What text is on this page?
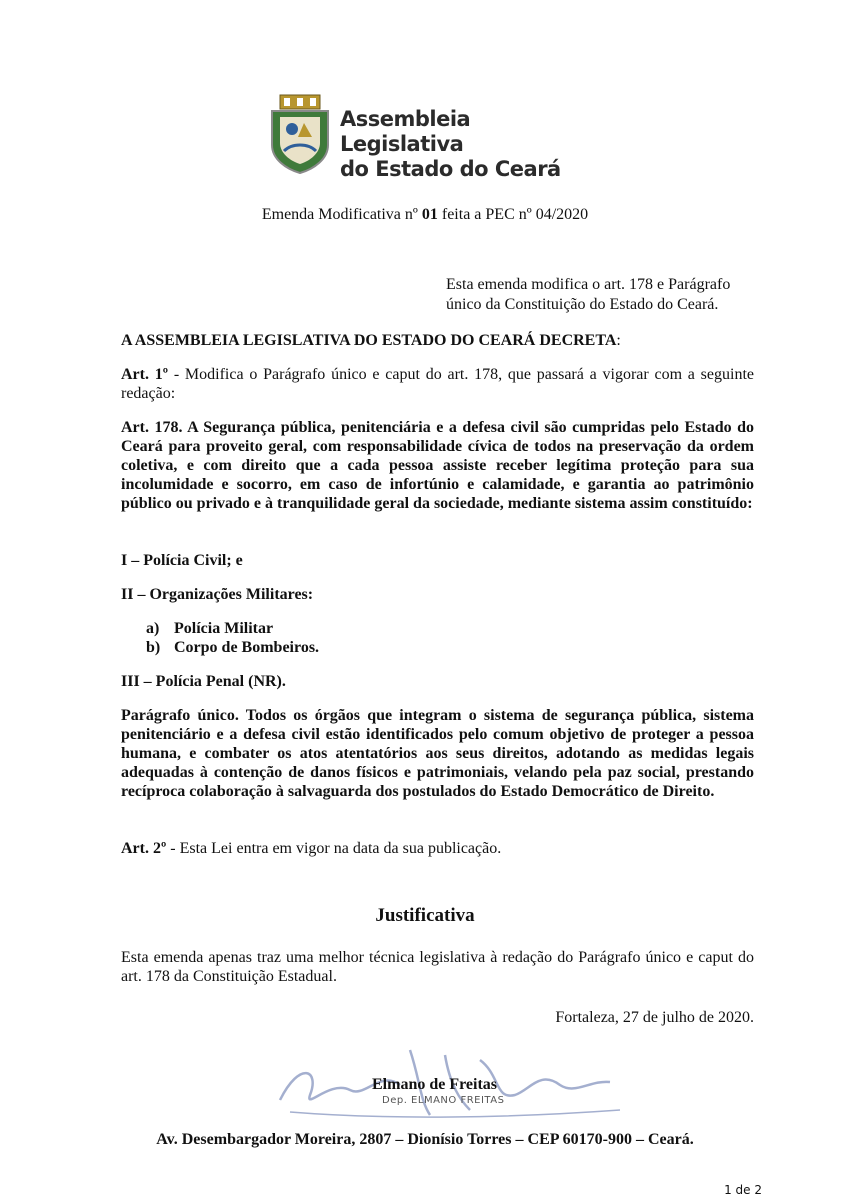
Assembleia Legislativa
do Estado do Ceará
Emenda Modificativa nº 01 feita a PEC nº 04/2020
Esta emenda modifica o art. 178 e Parágrafo
único da Constituição do Estado do Ceará.
A ASSEMBLEIA LEGISLATIVA DO ESTADO DO CEARÁ DECRETA:
Art. 1º - Modifica o Parágrafo único e caput do art. 178, que passará a vigorar com a seguinte redação:
Art. 178. A Segurança pública, penitenciária e a defesa civil são cumpridas pelo Estado do Ceará para proveito geral, com responsabilidade cívica de todos na preservação da ordem coletiva, e com direito que a cada pessoa assiste receber legítima proteção para sua incolumidade e socorro, em caso de infortúnio e calamidade, e garantia ao patrimônio público ou privado e à tranquilidade geral da sociedade, mediante sistema assim constituído:
I – Polícia Civil; e
II – Organizações Militares:
a) Polícia Militar
b) Corpo de Bombeiros.
III – Polícia Penal (NR).
Parágrafo único. Todos os órgãos que integram o sistema de segurança pública, sistema penitenciário e a defesa civil estão identificados pelo comum objetivo de proteger a pessoa humana, e combater os atos atentatórios aos seus direitos, adotando as medidas legais adequadas à contenção de danos físicos e patrimoniais, velando pela paz social, prestando recíproca colaboração à salvaguarda dos postulados do Estado Democrático de Direito.
Art. 2º - Esta Lei entra em vigor na data da sua publicação.
Justificativa
Esta emenda apenas traz uma melhor técnica legislativa à redação do Parágrafo único e caput do art. 178 da Constituição Estadual.
Fortaleza, 27 de julho de 2020.
Elmano de Freitas
Dep. ELMANO FREITAS
Av. Desembargador Moreira, 2807 – Dionísio Torres – CEP 60170-900 – Ceará.
1 de 2
